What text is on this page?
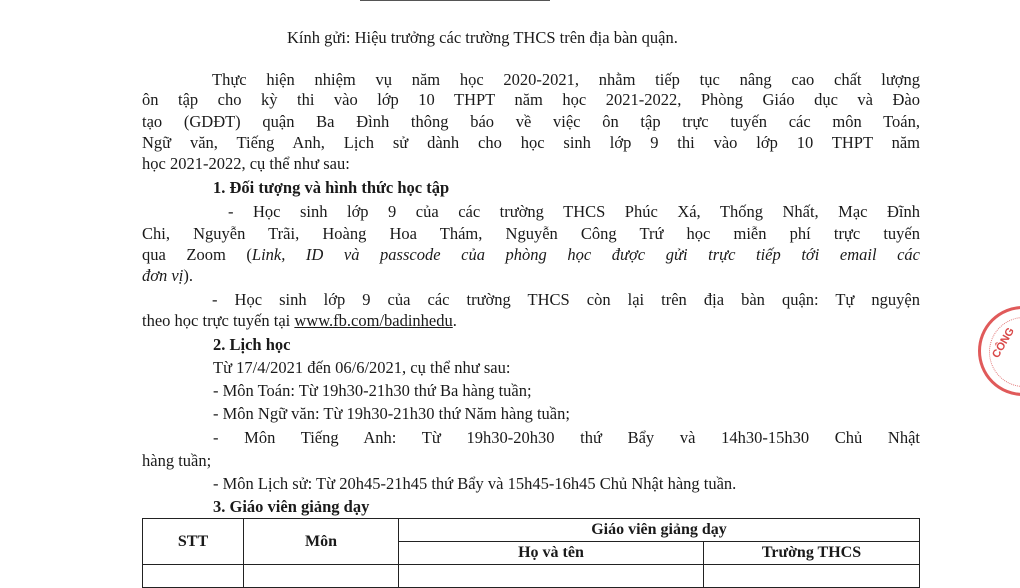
Kính gửi: Hiệu trưởng các trường THCS trên địa bàn quận.
Thực hiện nhiệm vụ năm học 2020-2021, nhằm tiếp tục nâng cao chất lượng
ôn tập cho kỳ thi vào lớp 10 THPT năm học 2021-2022, Phòng Giáo dục và Đào
tạo (GDĐT) quận Ba Đình thông báo về việc ôn tập trực tuyến các môn Toán,
Ngữ văn, Tiếng Anh, Lịch sử dành cho học sinh lớp 9 thi vào lớp 10 THPT năm
học 2021-2022, cụ thể như sau:
1. Đối tượng và hình thức học tập
- Học sinh lớp 9 của các trường THCS Phúc Xá, Thống Nhất, Mạc Đĩnh
Chi, Nguyễn Trãi, Hoàng Hoa Thám, Nguyễn Công Trứ học miễn phí trực tuyến
qua Zoom (Link, ID và passcode của phòng học được gửi trực tiếp tới email các
đơn vị).
- Học sinh lớp 9 của các trường THCS còn lại trên địa bàn quận: Tự nguyện
theo học trực tuyến tại www.fb.com/badinhedu.
2. Lịch học
Từ 17/4/2021 đến 06/6/2021, cụ thể như sau:
- Môn Toán: Từ 19h30-21h30 thứ Ba hàng tuần;
- Môn Ngữ văn: Từ 19h30-21h30 thứ Năm hàng tuần;
- Môn Tiếng Anh: Từ 19h30-20h30 thứ Bẩy và 14h30-15h30 Chủ Nhật
hàng tuần;
- Môn Lịch sử: Từ 20h45-21h45 thứ Bẩy và 15h45-16h45 Chủ Nhật hàng tuần.
3. Giáo viên giảng dạy
STT	Môn	Giáo viên giảng dạy	
		Họ và tên	Trường THCS

CÔNG
